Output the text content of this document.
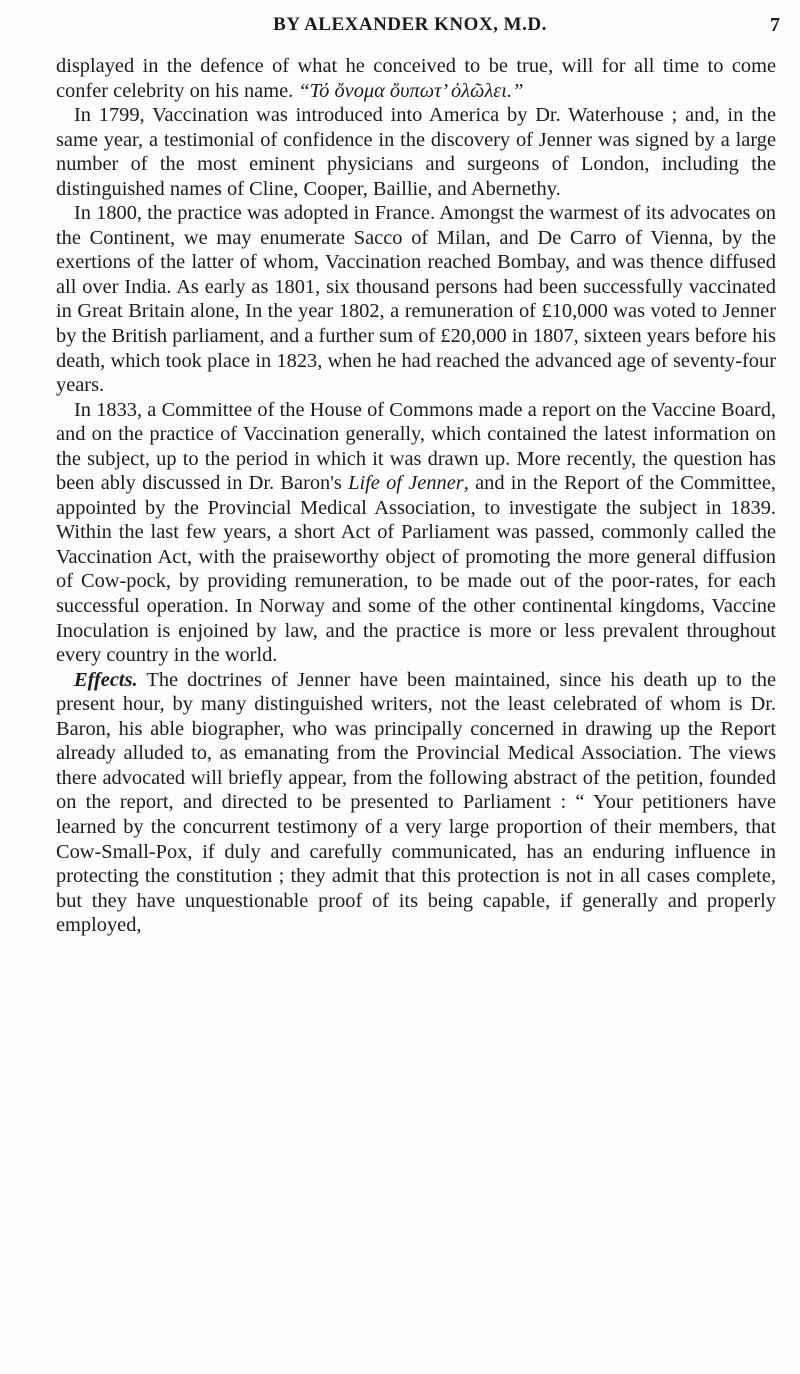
BY ALEXANDER KNOX, M.D.	7

displayed in the defence of what he conceived to be true, will for all time to come confer celebrity on his name. “Τό ὄνομα ὄυπωτ’ ὀλῶλει.”

In 1799, Vaccination was introduced into America by Dr. Waterhouse ; and, in the same year, a testimonial of confidence in the discovery of Jenner was signed by a large number of the most eminent physicians and surgeons of London, including the distinguished names of Cline, Cooper, Baillie, and Abernethy.

In 1800, the practice was adopted in France. Amongst the warmest of its advocates on the Continent, we may enumerate Sacco of Milan, and De Carro of Vienna, by the exertions of the latter of whom, Vaccination reached Bombay, and was thence diffused all over India. As early as 1801, six thousand persons had been successfully vaccinated in Great Britain alone, In the year 1802, a remuneration of £10,000 was voted to Jenner by the British parliament, and a further sum of £20,000 in 1807, sixteen years before his death, which took place in 1823, when he had reached the advanced age of seventy-four years.

In 1833, a Committee of the House of Commons made a report on the Vaccine Board, and on the practice of Vaccination generally, which contained the latest information on the subject, up to the period in which it was drawn up. More recently, the question has been ably discussed in Dr. Baron's Life of Jenner, and in the Report of the Committee, appointed by the Provincial Medical Association, to investigate the subject in 1839. Within the last few years, a short Act of Parliament was passed, commonly called the Vaccination Act, with the praiseworthy object of promoting the more general diffusion of Cow-pock, by providing remuneration, to be made out of the poor-rates, for each successful operation. In Norway and some of the other continental kingdoms, Vaccine Inoculation is enjoined by law, and the practice is more or less prevalent throughout every country in the world.

Effects. The doctrines of Jenner have been maintained, since his death up to the present hour, by many distinguished writers, not the least celebrated of whom is Dr. Baron, his able biographer, who was principally concerned in drawing up the Report already alluded to, as emanating from the Provincial Medical Association. The views there advocated will briefly appear, from the following abstract of the petition, founded on the report, and directed to be presented to Parliament : “ Your petitioners have learned by the concurrent testimony of a very large proportion of their members, that Cow-Small-Pox, if duly and carefully communicated, has an enduring influence in protecting the constitution ; they admit that this protection is not in all cases complete, but they have unquestionable proof of its being capable, if generally and properly employed,
